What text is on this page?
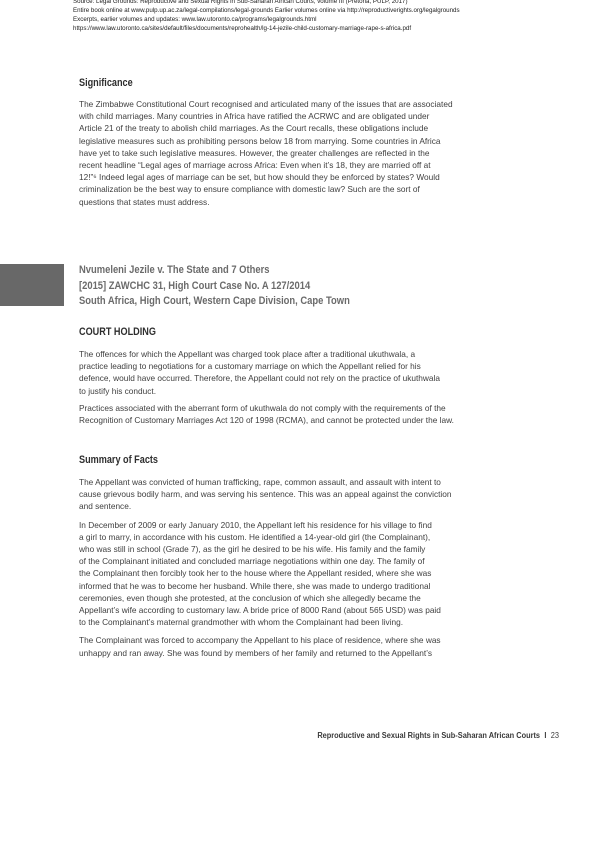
Source: Legal Grounds: Reproductive and Sexual Rights in Sub-Saharan African Courts, volume III (Pretoria, PULP, 2017)
Entire book online at www.pulp.up.ac.za/legal-compilations/legal-grounds Earlier volumes online via http://reproductiverights.org/legalgrounds
Excerpts, earlier volumes and updates: www.law.utoronto.ca/programs/legalgrounds.html
https://www.law.utoronto.ca/sites/default/files/documents/reprohealth/lg-14-jezile-child-customary-marriage-rape-s-africa.pdf
Significance
The Zimbabwe Constitutional Court recognised and articulated many of the issues that are associated
with child marriages. Many countries in Africa have ratified the ACRWC and are obligated under
Article 21 of the treaty to abolish child marriages. As the Court recalls, these obligations include
legislative measures such as prohibiting persons below 18 from marrying. Some countries in Africa
have yet to take such legislative measures. However, the greater challenges are reflected in the
recent headline “Legal ages of marriage across Africa: Even when it’s 18, they are married off at
12!”⁶ Indeed legal ages of marriage can be set, but how should they be enforced by states? Would
criminalization be the best way to ensure compliance with domestic law? Such are the sort of
questions that states must address.
Nvumeleni Jezile v. The State and 7 Others
[2015] ZAWCHC 31, High Court Case No. A 127/2014
South Africa, High Court, Western Cape Division, Cape Town
COURT HOLDING
The offences for which the Appellant was charged took place after a traditional ukuthwala, a
practice leading to negotiations for a customary marriage on which the Appellant relied for his
defence, would have occurred. Therefore, the Appellant could not rely on the practice of ukuthwala
to justify his conduct.
Practices associated with the aberrant form of ukuthwala do not comply with the requirements of the
Recognition of Customary Marriages Act 120 of 1998 (RCMA), and cannot be protected under the law.
Summary of Facts
The Appellant was convicted of human trafficking, rape, common assault, and assault with intent to
cause grievous bodily harm, and was serving his sentence. This was an appeal against the conviction
and sentence.
In December of 2009 or early January 2010, the Appellant left his residence for his village to find
a girl to marry, in accordance with his custom. He identified a 14-year-old girl (the Complainant),
who was still in school (Grade 7), as the girl he desired to be his wife. His family and the family
of the Complainant initiated and concluded marriage negotiations within one day. The family of
the Complainant then forcibly took her to the house where the Appellant resided, where she was
informed that he was to become her husband. While there, she was made to undergo traditional
ceremonies, even though she protested, at the conclusion of which she allegedly became the
Appellant’s wife according to customary law. A bride price of 8000 Rand (about 565 USD) was paid
to the Complainant’s maternal grandmother with whom the Complainant had been living.
The Complainant was forced to accompany the Appellant to his place of residence, where she was
unhappy and ran away. She was found by members of her family and returned to the Appellant’s
Reproductive and Sexual Rights in Sub-Saharan African Courts I 23
